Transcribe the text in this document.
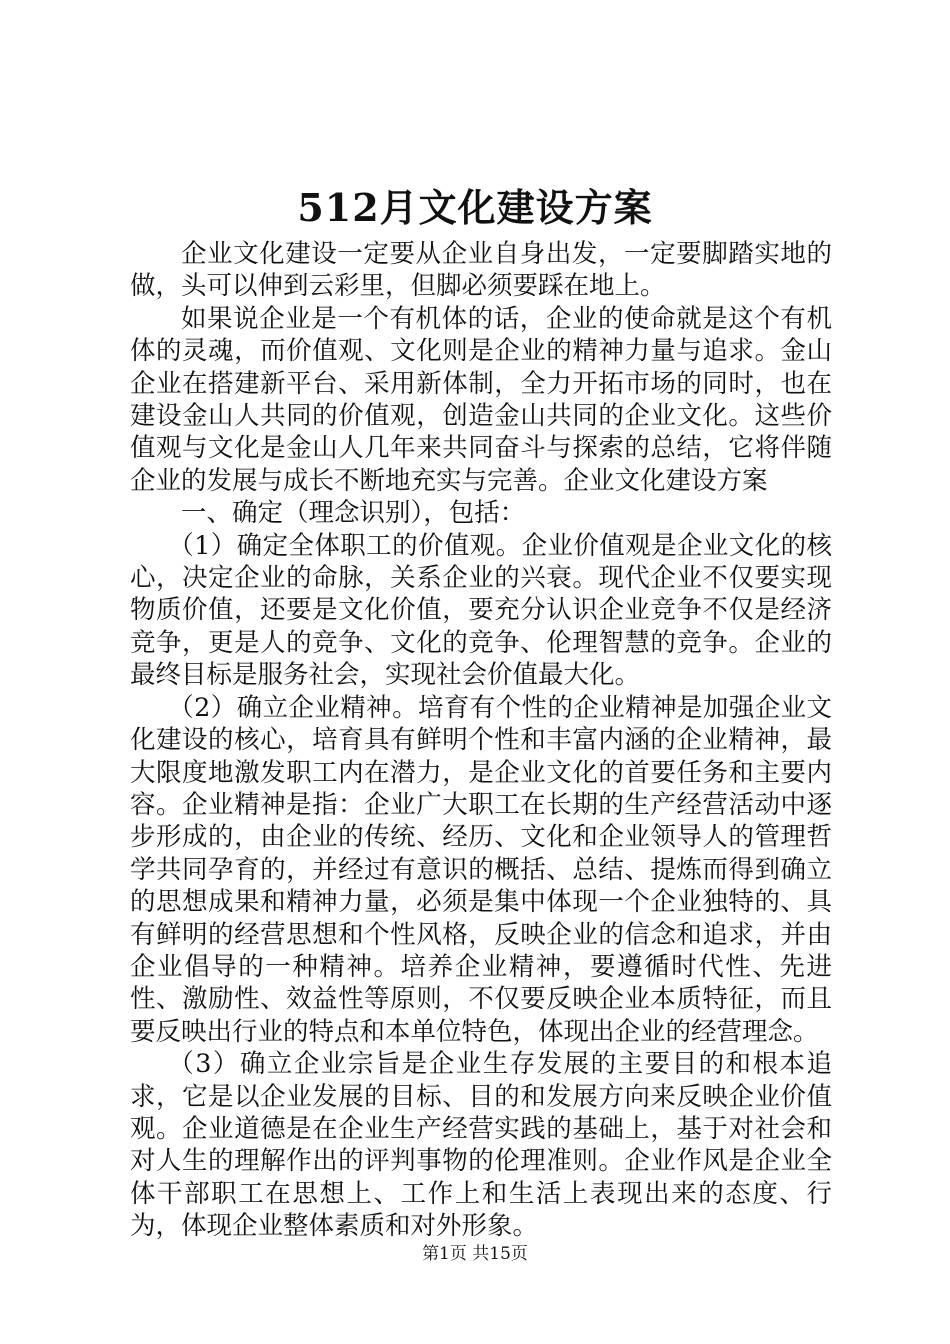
512月文化建设方案

企业文化建设一定要从企业自身出发，一定要脚踏实地的做，头可以伸到云彩里，但脚必须要踩在地上。

如果说企业是一个有机体的话，企业的使命就是这个有机体的灵魂，而价值观、文化则是企业的精神力量与追求。金山企业在搭建新平台、采用新体制，全力开拓市场的同时，也在建设金山人共同的价值观，创造金山共同的企业文化。这些价值观与文化是金山人几年来共同奋斗与探索的总结，它将伴随企业的发展与成长不断地充实与完善。企业文化建设方案

一、确定（理念识别），包括：

（1）确定全体职工的价值观。企业价值观是企业文化的核心，决定企业的命脉，关系企业的兴衰。现代企业不仅要实现物质价值，还要是文化价值，要充分认识企业竞争不仅是经济竞争，更是人的竞争、文化的竞争、伦理智慧的竞争。企业的最终目标是服务社会，实现社会价值最大化。

（2）确立企业精神。培育有个性的企业精神是加强企业文化建设的核心，培育具有鲜明个性和丰富内涵的企业精神，最大限度地激发职工内在潜力，是企业文化的首要任务和主要内容。企业精神是指：企业广大职工在长期的生产经营活动中逐步形成的，由企业的传统、经历、文化和企业领导人的管理哲学共同孕育的，并经过有意识的概括、总结、提炼而得到确立的思想成果和精神力量，必须是集中体现一个企业独特的、具有鲜明的经营思想和个性风格，反映企业的信念和追求，并由企业倡导的一种精神。培养企业精神，要遵循时代性、先进性、激励性、效益性等原则，不仅要反映企业本质特征，而且要反映出行业的特点和本单位特色，体现出企业的经营理念。

（3）确立企业宗旨是企业生存发展的主要目的和根本追求，它是以企业发展的目标、目的和发展方向来反映企业价值观。企业道德是在企业生产经营实践的基础上，基于对社会和对人生的理解作出的评判事物的伦理准则。企业作风是企业全体干部职工在思想上、工作上和生活上表现出来的态度、行为，体现企业整体素质和对外形象。

第1页 共15页
